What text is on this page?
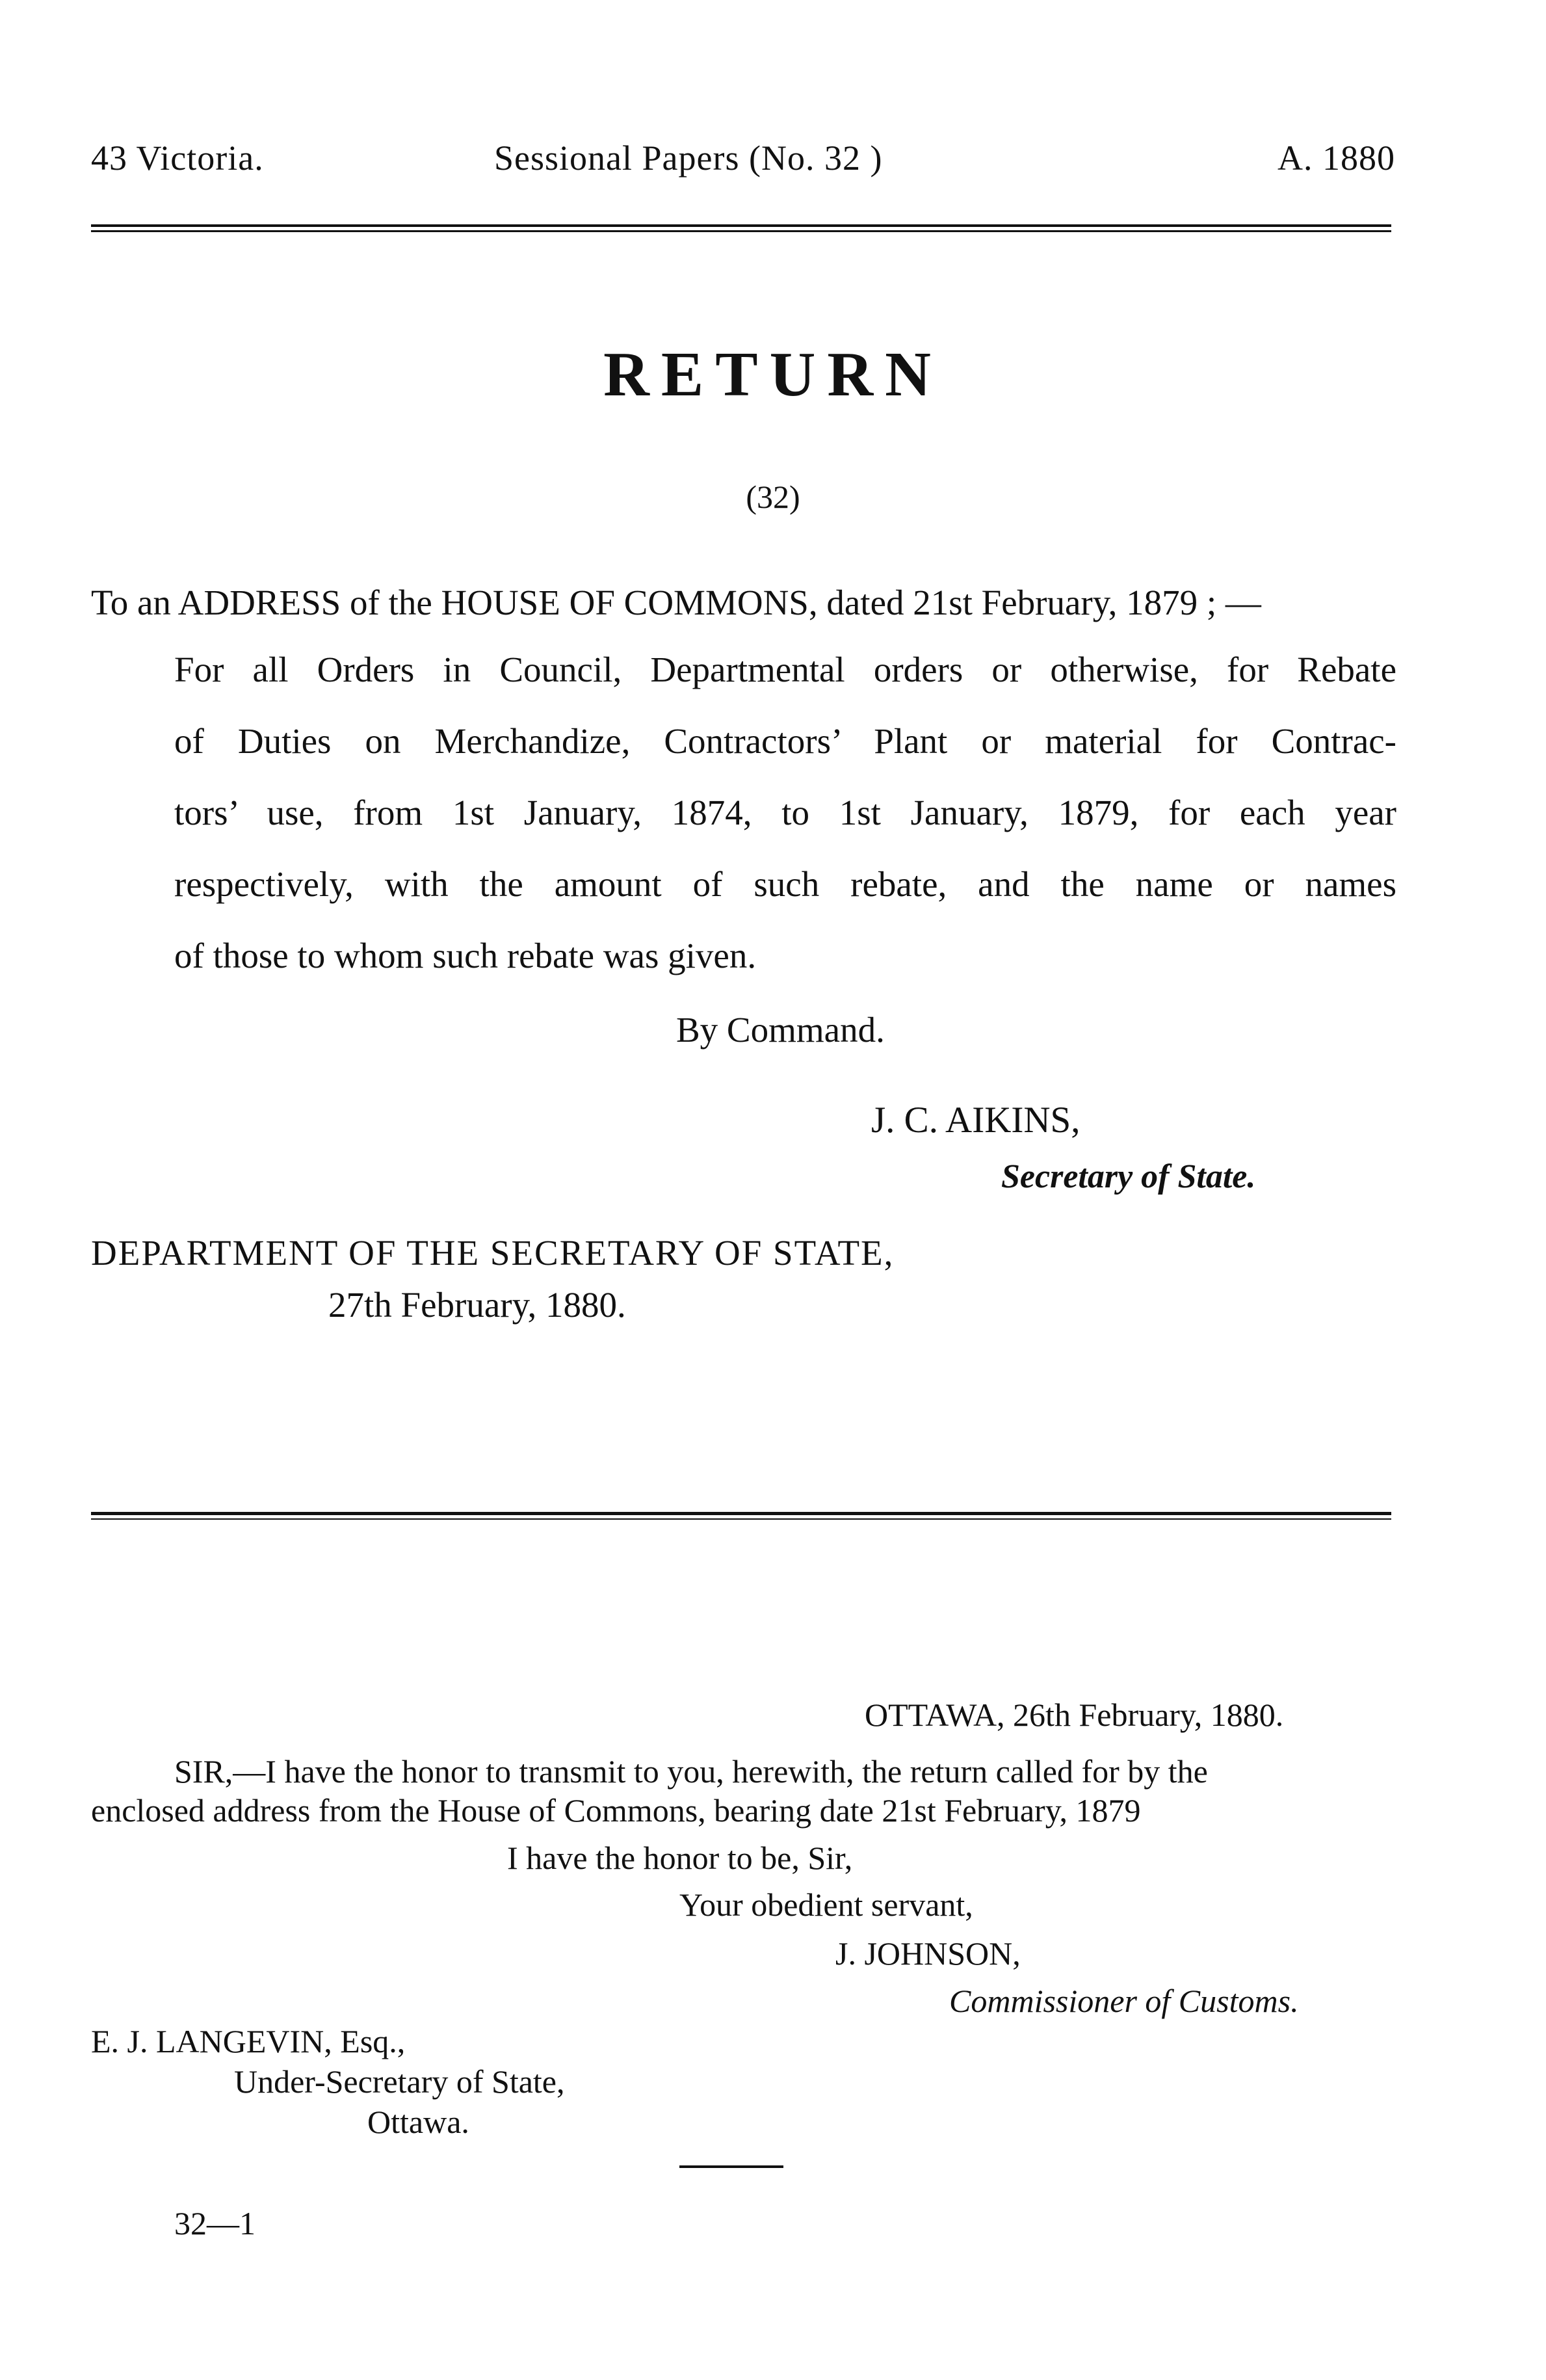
43 Victoria.	Sessional Papers (No. 32 )	A. 1880
RETURN
(32)
To an ADDRESS of the HOUSE OF COMMONS, dated 21st February, 1879 ; —
For all Orders in Council, Departmental orders or otherwise, for Rebate
of Duties on Merchandize, Contractors’ Plant or material for Contrac-
tors’ use, from 1st January, 1874, to 1st January, 1879, for each year
respectively, with the amount of such rebate, and the name or names
of those to whom such rebate was given.
By Command.
J. C. AIKINS,
Secretary of State.
DEPARTMENT OF THE SECRETARY OF STATE,
27th February, 1880.
OTTAWA, 26th February, 1880.
SIR,—I have the honor to transmit to you, herewith, the return called for by the
enclosed address from the House of Commons, bearing date 21st February, 1879
I have the honor to be, Sir,
Your obedient servant,
J. JOHNSON,
Commissioner of Customs.
E. J. LANGEVIN, Esq.,
Under-Secretary of State,
Ottawa.
32—1
